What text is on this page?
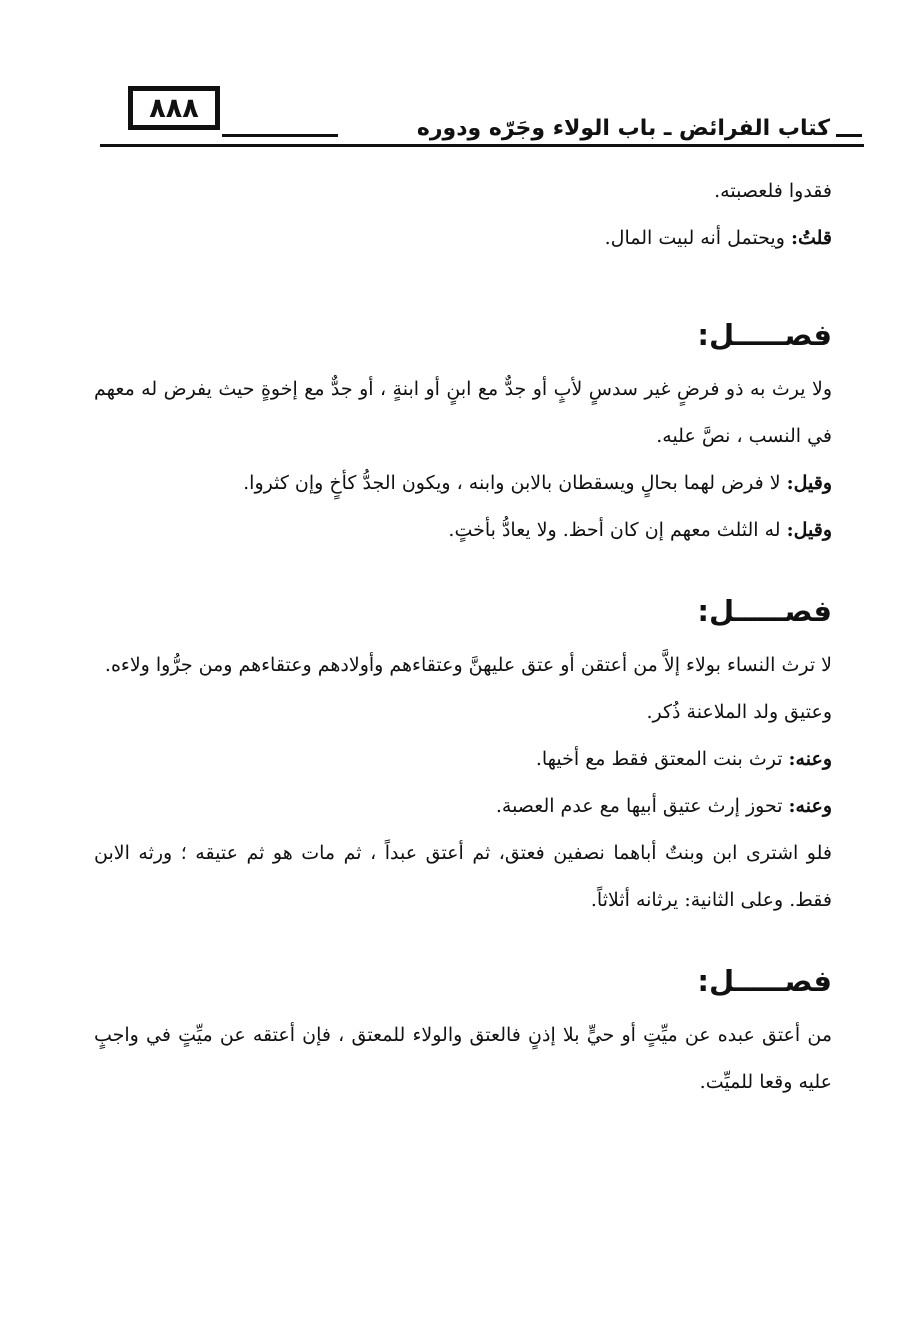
كتاب الفرائض ـ باب الولاء وجَرّه ودوره
٨٨٨

فقدوا فلعصبته.

قلتُ: ويحتمل أنه لبيت المال.

فصـــــل:

ولا يرث به ذو فرضٍ غير سدسٍ لأبٍ أو جدٌّ مع ابنٍ أو ابنةٍ ، أو جدٌّ مع إخوةٍ حيث يفرض له معهم في النسب ، نصَّ عليه.

وقيل: لا فرض لهما بحالٍ ويسقطان بالابن وابنه ، ويكون الجدُّ كأخٍ وإن كثروا.

وقيل: له الثلث معهم إن كان أحظ. ولا يعادُّ بأختٍ.

فصـــــل:

لا ترث النساء بولاء إلاَّ من أعتقن أو عتق عليهنَّ وعتقاءهم وأولادهم وعتقاءهم ومن جرُّوا ولاءه.

وعتيق ولد الملاعنة ذُكر.

وعنه: ترث بنت المعتق فقط مع أخيها.

وعنه: تحوز إرث عتيق أبيها مع عدم العصبة.

فلو اشترى ابن وبنتٌ أباهما نصفين فعتق، ثم أعتق عبداً ، ثم مات هو ثم عتيقه ؛ ورثه الابن فقط. وعلى الثانية: يرثانه أثلاثاً.

فصـــــل:

من أعتق عبده عن ميِّتٍ أو حيٍّ بلا إذنٍ فالعتق والولاء للمعتق ، فإن أعتقه عن ميِّتٍ في واجبٍ عليه وقعا للميِّت.
